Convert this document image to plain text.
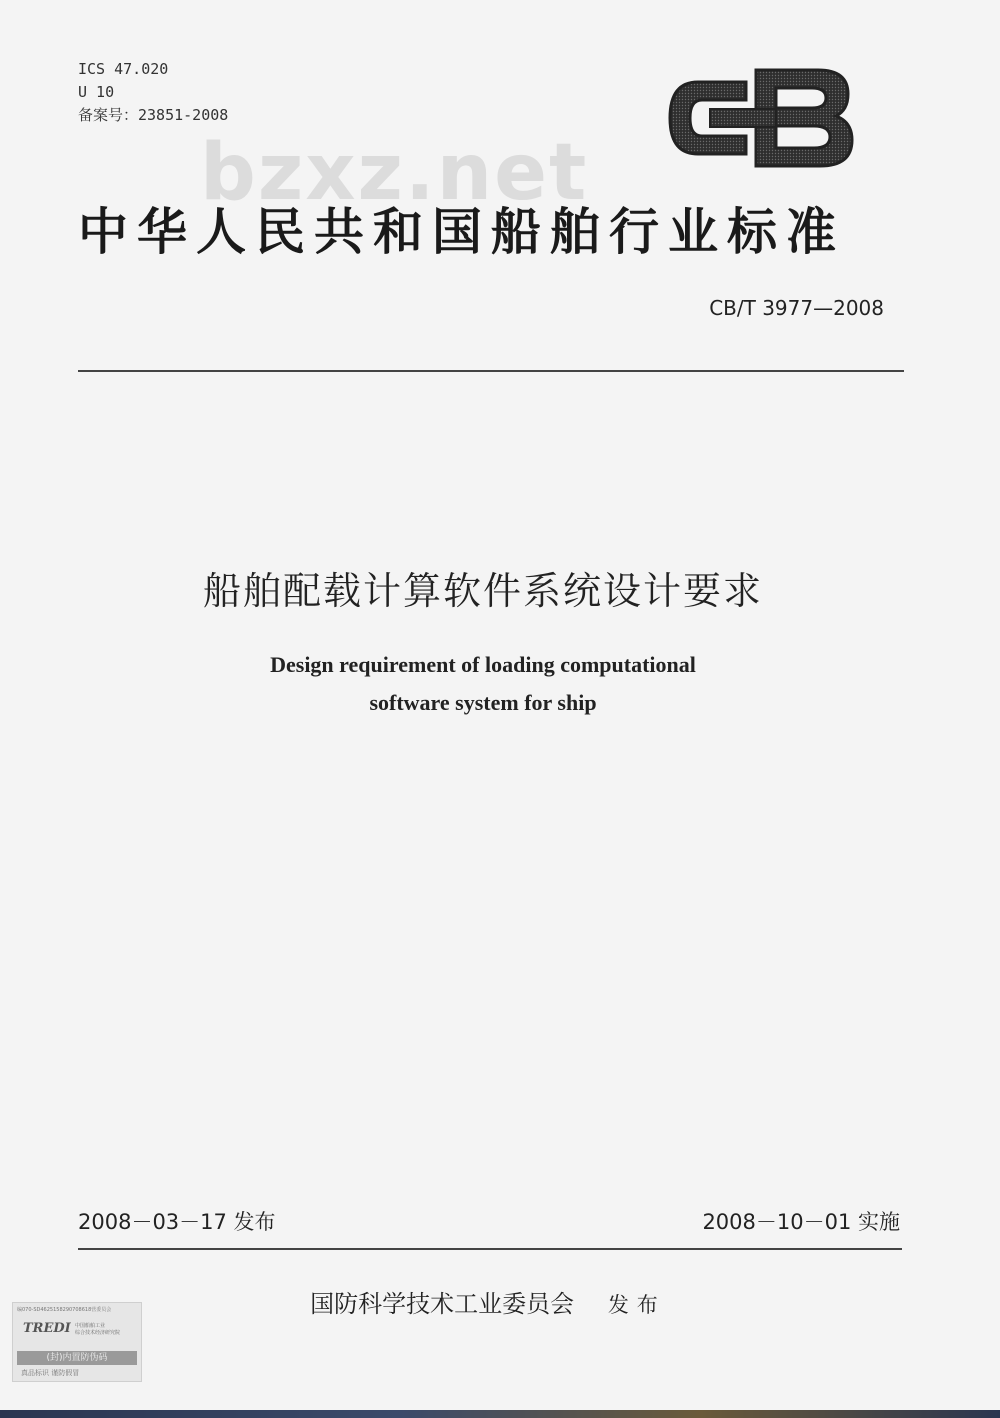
ICS 47.020
U 10
备案号：23851-2008
bzxz.net
中华人民共和国船舶行业标准
CB/T 3977—2008
船舶配载计算软件系统设计要求
Design requirement of loading computational
software system for ship
2008－03－17 发布	2008－10－01 实施
国防科学技术工业委员会 发布
编070-SD4625158290708618营委员会
TREDI 中国船舶工业
综合技术经济研究院
(封)内置防伪码
真品标识 谨防假冒
